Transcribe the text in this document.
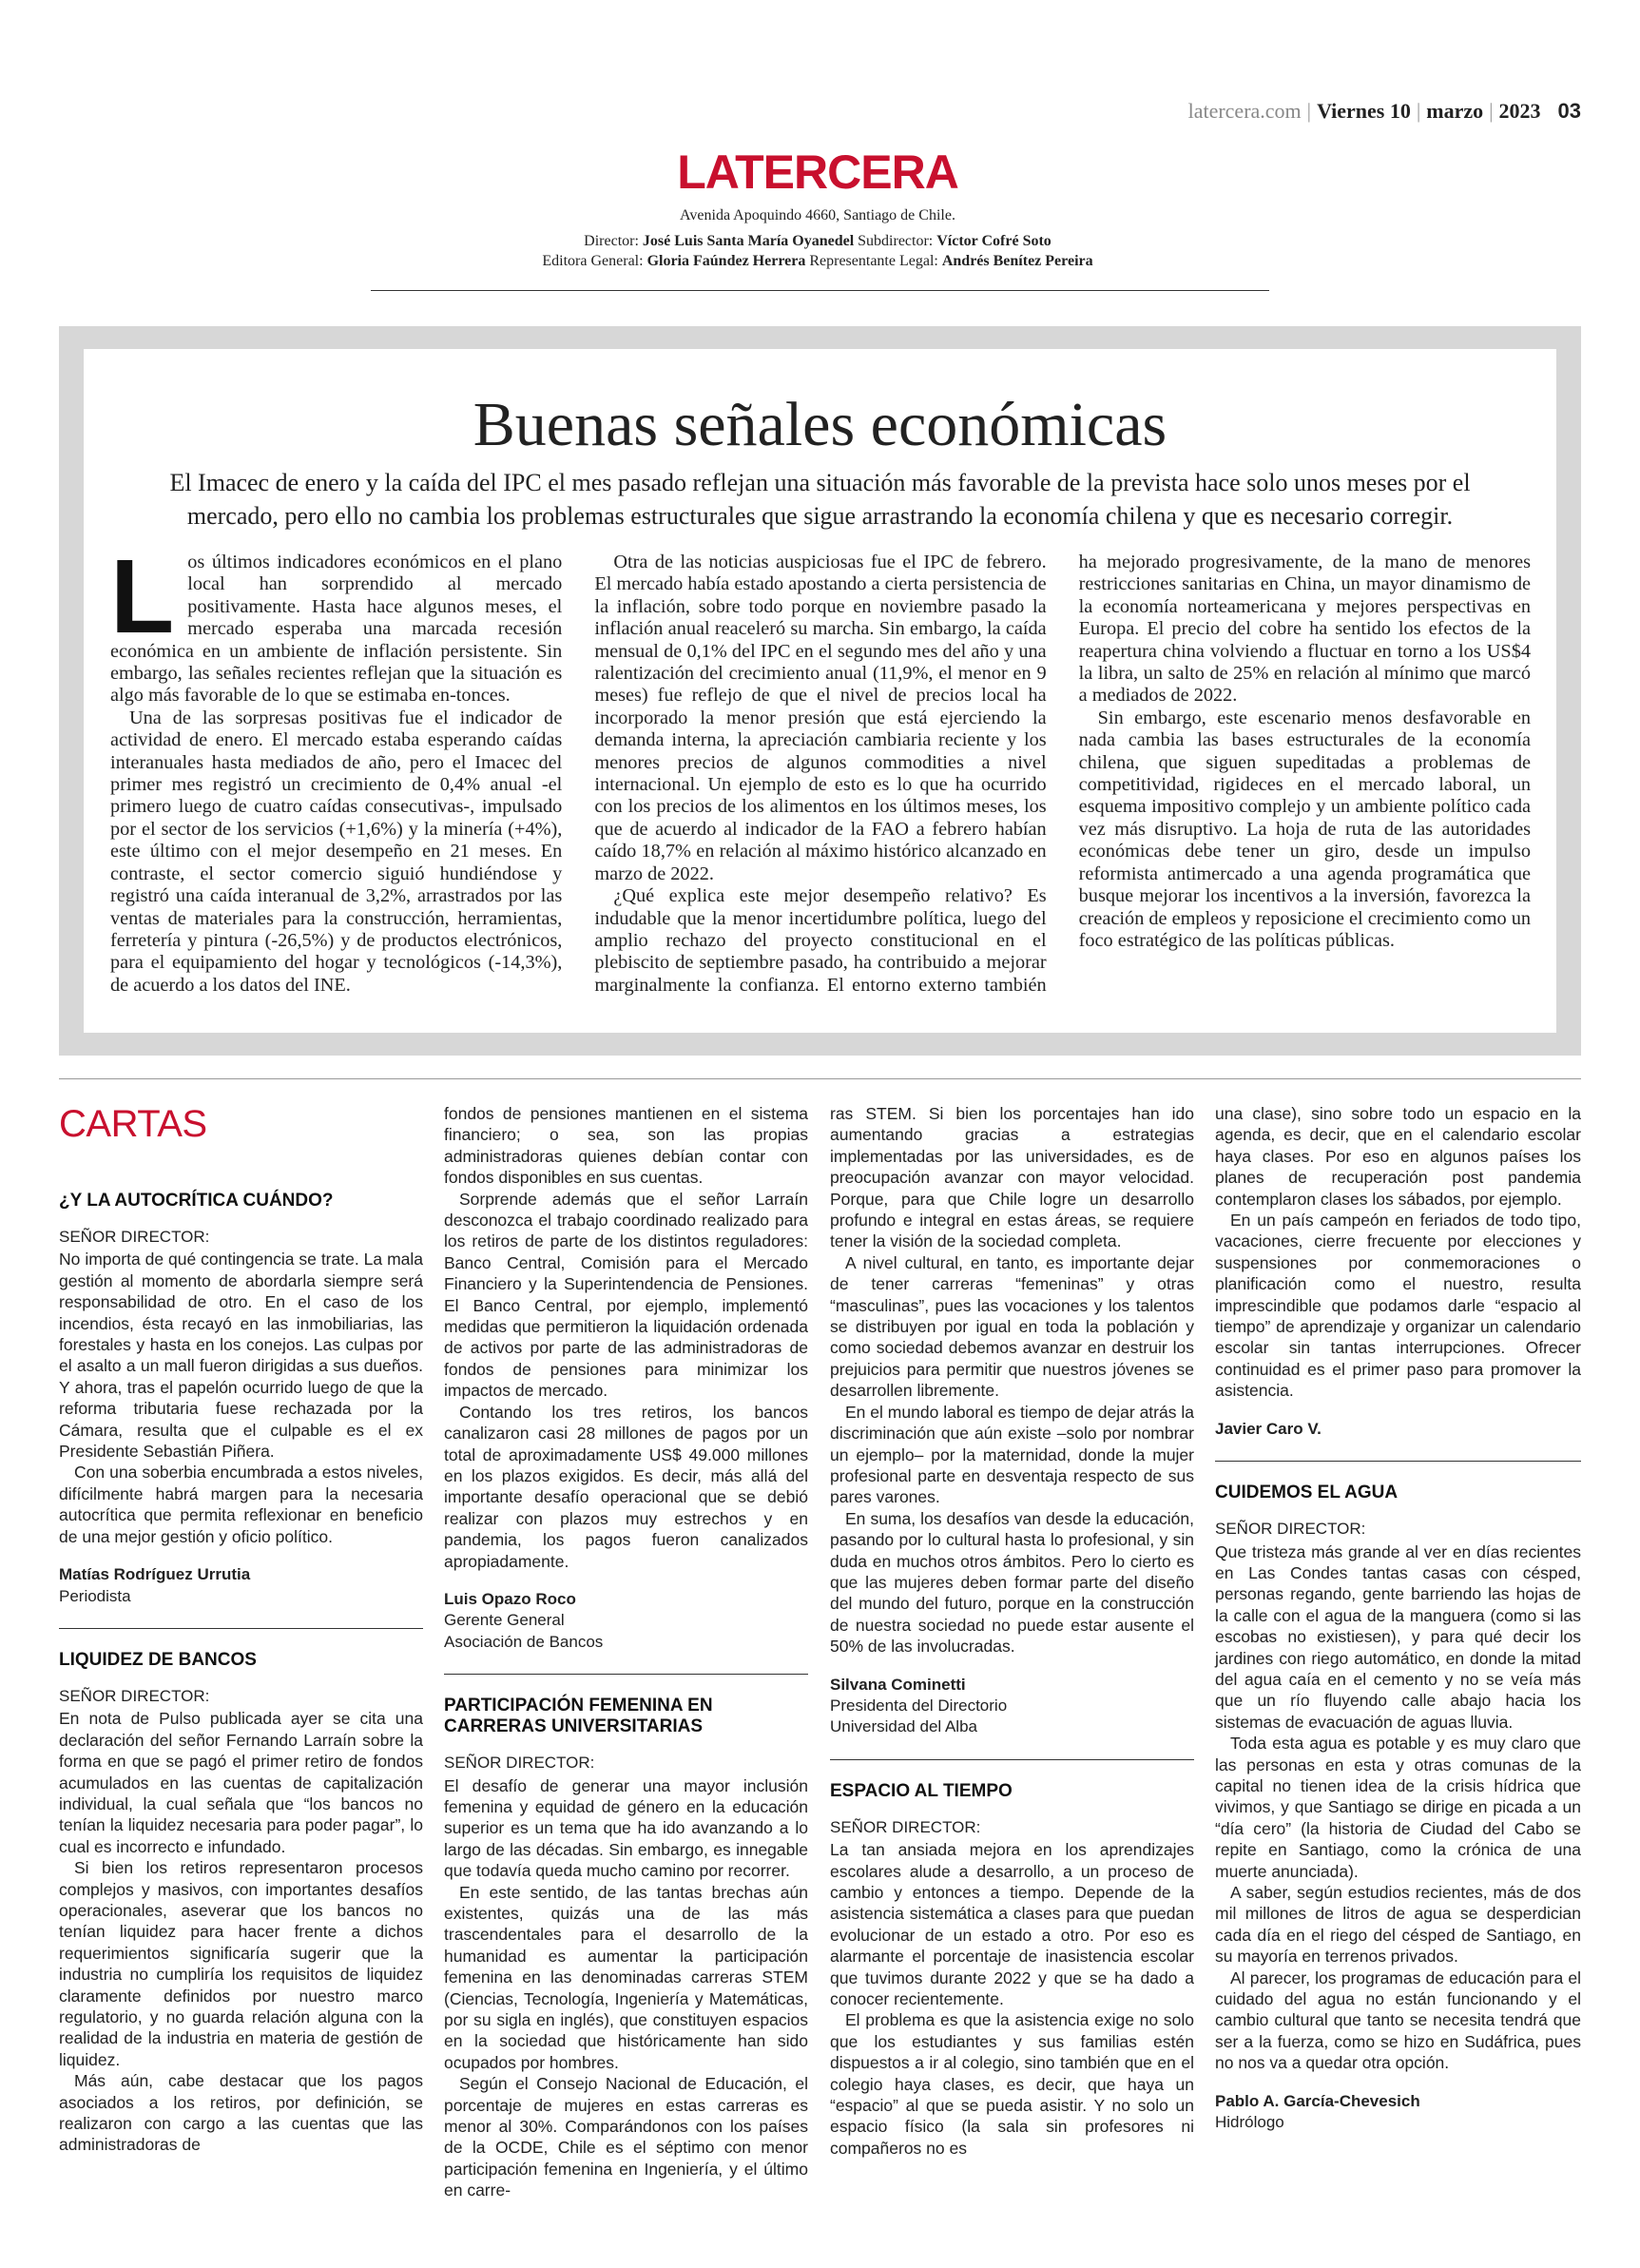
latercera.com | Viernes 10 | marzo | 2023 03
LATERCERA
Avenida Apoquindo 4660, Santiago de Chile.
Director: José Luis Santa María Oyanedel Subdirector: Víctor Cofré Soto
Editora General: Gloria Faúndez Herrera Representante Legal: Andrés Benítez Pereira
Buenas señales económicas
El Imacec de enero y la caída del IPC el mes pasado reflejan una situación más favorable de la prevista hace solo unos meses por el mercado, pero ello no cambia los problemas estructurales que sigue arrastrando la economía chilena y que es necesario corregir.

Los últimos indicadores económicos en el plano local han sorprendido al mercado positivamente. Hasta hace algunos meses, el mercado esperaba una marcada recesión económica en un ambiente de inflación persistente. Sin embargo, las señales recientes reflejan que la situación es algo más favorable de lo que se estimaba en-tonces.

Una de las sorpresas positivas fue el indicador de actividad de enero. El mercado estaba esperando caídas interanuales hasta mediados de año, pero el Imacec del primer mes registró un crecimiento de 0,4% anual -el primero luego de cuatro caídas consecutivas-, impulsado por el sector de los servicios (+1,6%) y la minería (+4%), este último con el mejor desempeño en 21 meses. En contraste, el sector comercio siguió hundiéndose y registró una caída interanual de 3,2%, arrastrados por las ventas de materiales para la construcción, herramientas, ferretería y pintura (-26,5%) y de productos electrónicos, para el equipamiento del hogar y tecnológicos (-14,3%), de acuerdo a los datos del INE.

Otra de las noticias auspiciosas fue el IPC de febrero. El mercado había estado apostando a cierta persistencia de la inflación, sobre todo porque en noviembre pasado la inflación anual reaceleró su marcha. Sin embargo, la caída mensual de 0,1% del IPC en el segundo mes del año y una ralentización del crecimiento anual (11,9%, el menor en 9 meses) fue reflejo de que el nivel de precios local ha incorporado la menor presión que está ejerciendo la demanda interna, la apreciación cambiaria reciente y los menores precios de algunos commodities a nivel internacional. Un ejemplo de esto es lo que ha ocurrido con los precios de los alimentos en los últimos meses, los que de acuerdo al indicador de la FAO a febrero habían caído 18,7% en relación al máximo histórico alcanzado en marzo de 2022.

¿Qué explica este mejor desempeño relativo? Es indudable que la menor incertidumbre política, luego del amplio rechazo del proyecto constitucional en el plebiscito de septiembre pasado, ha contribuido a mejorar marginalmente la confianza. El entorno externo también ha mejorado progresivamente, de la mano de menores restricciones sanitarias en China, un mayor dinamismo de la economía norteamericana y mejores perspectivas en Europa. El precio del cobre ha sentido los efectos de la reapertura china volviendo a fluctuar en torno a los US$4 la libra, un salto de 25% en relación al mínimo que marcó a mediados de 2022.

Sin embargo, este escenario menos desfavorable en nada cambia las bases estructurales de la economía chilena, que siguen supeditadas a problemas de competitividad, rigideces en el mercado laboral, un esquema impositivo complejo y un ambiente político cada vez más disruptivo. La hoja de ruta de las autoridades económicas debe tener un giro, desde un impulso reformista antimercado a una agenda programática que busque mejorar los incentivos a la inversión, favorezca la creación de empleos y reposicione el crecimiento como un foco estratégico de las políticas públicas.

CARTAS
¿Y LA AUTOCRÍTICA CUÁNDO?
SEÑOR DIRECTOR:

No importa de qué contingencia se trate. La mala gestión al momento de abordarla siempre será responsabilidad de otro. En el caso de los incendios, ésta recayó en las inmobiliarias, las forestales y hasta en los conejos. Las culpas por el asalto a un mall fueron dirigidas a sus dueños. Y ahora, tras el papelón ocurrido luego de que la reforma tributaria fuese rechazada por la Cámara, resulta que el culpable es el ex Presidente Sebastián Piñera.

Con una soberbia encumbrada a estos niveles, difícilmente habrá margen para la necesaria autocrítica que permita reflexionar en beneficio de una mejor gestión y oficio político.

Matías Rodríguez Urrutia
Periodista
LIQUIDEZ DE BANCOS
SEÑOR DIRECTOR:

En nota de Pulso publicada ayer se cita una declaración del señor Fernando Larraín sobre la forma en que se pagó el primer retiro de fondos acumulados en las cuentas de capitalización individual, la cual señala que “los bancos no tenían la liquidez necesaria para poder pagar”, lo cual es incorrecto e infundado.

Si bien los retiros representaron procesos complejos y masivos, con importantes desafíos operacionales, aseverar que los bancos no tenían liquidez para hacer frente a dichos requerimientos significaría sugerir que la industria no cumpliría los requisitos de liquidez claramente definidos por nuestro marco regulatorio, y no guarda relación alguna con la realidad de la industria en materia de gestión de liquidez.

Más aún, cabe destacar que los pagos asociados a los retiros, por definición, se realizaron con cargo a las cuentas que las administradoras de

fondos de pensiones mantienen en el sistema financiero; o sea, son las propias administradoras quienes debían contar con fondos disponibles en sus cuentas.

Sorprende además que el señor Larraín desconozca el trabajo coordinado realizado para los retiros de parte de los distintos reguladores: Banco Central, Comisión para el Mercado Financiero y la Superintendencia de Pensiones. El Banco Central, por ejemplo, implementó medidas que permitieron la liquidación ordenada de activos por parte de las administradoras de fondos de pensiones para minimizar los impactos de mercado.

Contando los tres retiros, los bancos canalizaron casi 28 millones de pagos por un total de aproximadamente US$ 49.000 millones en los plazos exigidos. Es decir, más allá del importante desafío operacional que se debió realizar con plazos muy estrechos y en pandemia, los pagos fueron canalizados apropiadamente.

Luis Opazo Roco
Gerente General
Asociación de Bancos
PARTICIPACIÓN FEMENINA EN CARRERAS UNIVERSITARIAS
SEÑOR DIRECTOR:

El desafío de generar una mayor inclusión femenina y equidad de género en la educación superior es un tema que ha ido avanzando a lo largo de las décadas. Sin embargo, es innegable que todavía queda mucho camino por recorrer.

En este sentido, de las tantas brechas aún existentes, quizás una de las más trascendentales para el desarrollo de la humanidad es aumentar la participación femenina en las denominadas carreras STEM (Ciencias, Tecnología, Ingeniería y Matemáticas, por su sigla en inglés), que constituyen espacios en la sociedad que históricamente han sido ocupados por hombres.

Según el Consejo Nacional de Educación, el porcentaje de mujeres en estas carreras es menor al 30%. Comparándonos con los países de la OCDE, Chile es el séptimo con menor participación femenina en Ingeniería, y el último en carre-

ras STEM. Si bien los porcentajes han ido aumentando gracias a estrategias implementadas por las universidades, es de preocupación avanzar con mayor velocidad. Porque, para que Chile logre un desarrollo profundo e integral en estas áreas, se requiere tener la visión de la sociedad completa.

A nivel cultural, en tanto, es importante dejar de tener carreras “femeninas” y otras “masculinas”, pues las vocaciones y los talentos se distribuyen por igual en toda la población y como sociedad debemos avanzar en destruir los prejuicios para permitir que nuestros jóvenes se desarrollen libremente.

En el mundo laboral es tiempo de dejar atrás la discriminación que aún existe –solo por nombrar un ejemplo– por la maternidad, donde la mujer profesional parte en desventaja respecto de sus pares varones.

En suma, los desafíos van desde la educación, pasando por lo cultural hasta lo profesional, y sin duda en muchos otros ámbitos. Pero lo cierto es que las mujeres deben formar parte del diseño del mundo del futuro, porque en la construcción de nuestra sociedad no puede estar ausente el 50% de las involucradas.

Silvana Cominetti
Presidenta del Directorio
Universidad del Alba
ESPACIO AL TIEMPO
SEÑOR DIRECTOR:

La tan ansiada mejora en los aprendizajes escolares alude a desarrollo, a un proceso de cambio y entonces a tiempo. Depende de la asistencia sistemática a clases para que puedan evolucionar de un estado a otro. Por eso es alarmante el porcentaje de inasistencia escolar que tuvimos durante 2022 y que se ha dado a conocer recientemente.

El problema es que la asistencia exige no solo que los estudiantes y sus familias estén dispuestos a ir al colegio, sino también que en el colegio haya clases, es decir, que haya un “espacio” al que se pueda asistir. Y no solo un espacio físico (la sala sin profesores ni compañeros no es

una clase), sino sobre todo un espacio en la agenda, es decir, que en el calendario escolar haya clases. Por eso en algunos países los planes de recuperación post pandemia contemplaron clases los sábados, por ejemplo.

En un país campeón en feriados de todo tipo, vacaciones, cierre frecuente por elecciones y suspensiones por conmemoraciones o planificación como el nuestro, resulta imprescindible que podamos darle “espacio al tiempo” de aprendizaje y organizar un calendario escolar sin tantas interrupciones. Ofrecer continuidad es el primer paso para promover la asistencia.

Javier Caro V.
CUIDEMOS EL AGUA
SEÑOR DIRECTOR:

Que tristeza más grande al ver en días recientes en Las Condes tantas casas con césped, personas regando, gente barriendo las hojas de la calle con el agua de la manguera (como si las escobas no existiesen), y para qué decir los jardines con riego automático, en donde la mitad del agua caía en el cemento y no se veía más que un río fluyendo calle abajo hacia los sistemas de evacuación de aguas lluvia.

Toda esta agua es potable y es muy claro que las personas en esta y otras comunas de la capital no tienen idea de la crisis hídrica que vivimos, y que Santiago se dirige en picada a un “día cero” (la historia de Ciudad del Cabo se repite en Santiago, como la crónica de una muerte anunciada).

A saber, según estudios recientes, más de dos mil millones de litros de agua se desperdician cada día en el riego del césped de Santiago, en su mayoría en terrenos privados.

Al parecer, los programas de educación para el cuidado del agua no están funcionando y el cambio cultural que tanto se necesita tendrá que ser a la fuerza, como se hizo en Sudáfrica, pues no nos va a quedar otra opción.

Pablo A. García-Chevesich
Hidrólogo
